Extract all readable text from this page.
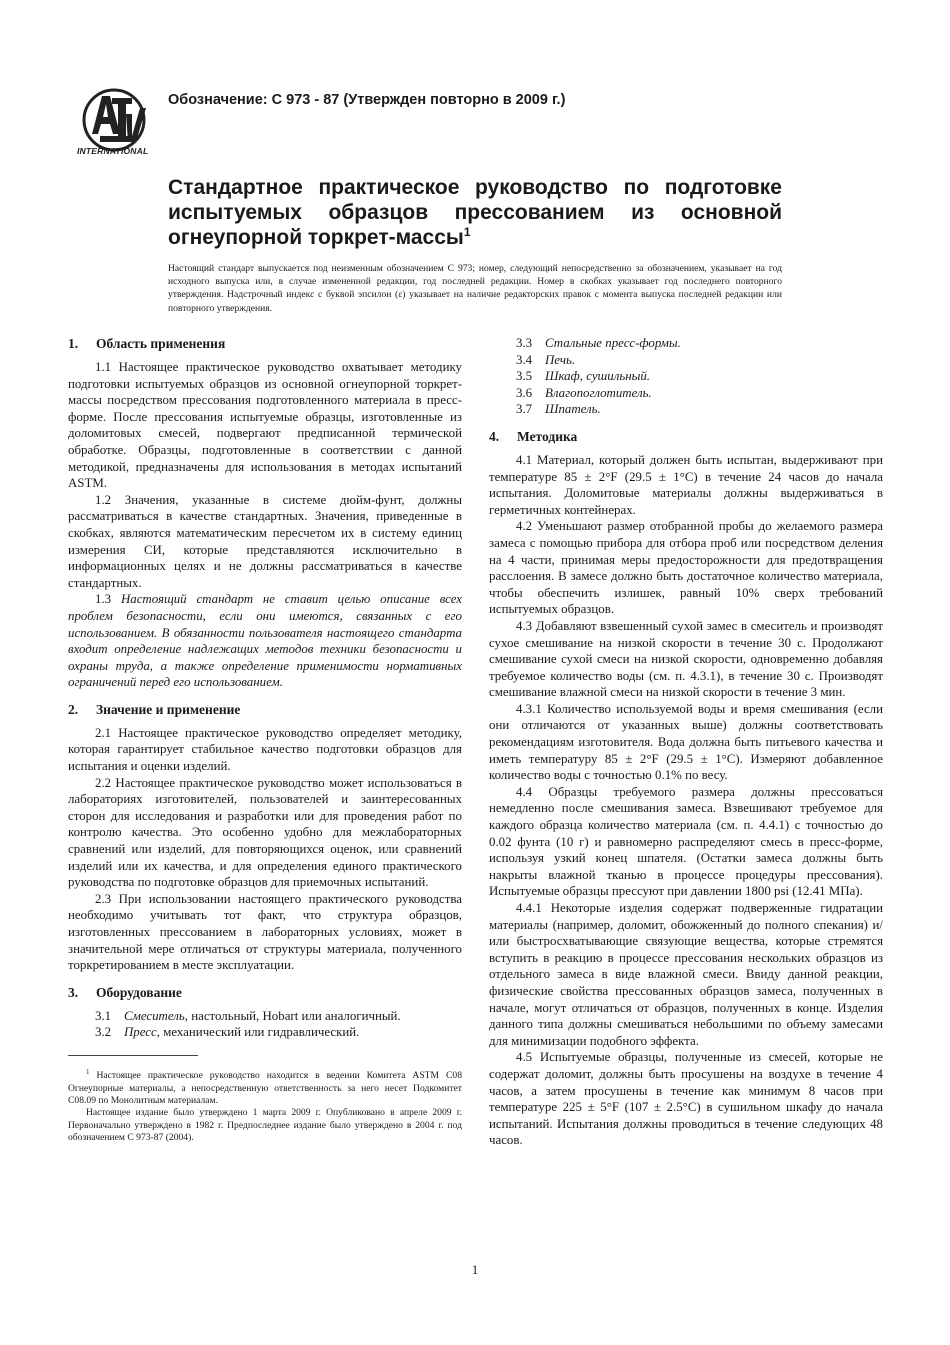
INTERNATIONAL
Обозначение: C 973 - 87 (Утвержден повторно в 2009 г.)
Стандартное практическое руководство по подготовке испытуемых образцов прессованием из основной огнеупорной торкрет-массы$^1$

Настоящий стандарт выпускается под неизменным обозначением C 973; номер, следующий непосредственно за обозначением, указывает на год исходного выпуска или, в случае измененной редакции, год последней редакции. Номер в скобках указывает год последнего повторного утверждения. Надстрочный индекс с буквой эпсилон (ε) указывает на наличие редакторских правок с момента выпуска последней редакции или повторного утверждения.

1. Область применения

1.1 Настоящее практическое руководство охватывает методику подготовки испытуемых образцов из основной огнеупорной торкрет-массы посредством прессования подготовленного материала в пресс-форме. После прессования испытуемые образцы, изготовленные из доломитовых смесей, подвергают предписанной термической обработке. Образцы, подготовленные в соответствии с данной методикой, предназначены для использования в методах испытаний ASTM.

1.2 Значения, указанные в системе дюйм-фунт, должны рассматриваться в качестве стандартных. Значения, приведенные в скобках, являются математическим пересчетом их в систему единиц измерения СИ, которые представляются исключительно в информационных целях и не должны рассматриваться в качестве стандартных.

1.3 Настоящий стандарт не ставит целью описание всех проблем безопасности, если они имеются, связанных с его использованием. В обязанности пользователя настоящего стандарта входит определение надлежащих методов техники безопасности и охраны труда, а также определение применимости нормативных ограничений перед его использованием.

2. Значение и применение

2.1 Настоящее практическое руководство определяет методику, которая гарантирует стабильное качество подготовки образцов для испытания и оценки изделий.

2.2 Настоящее практическое руководство может использоваться в лабораториях изготовителей, пользователей и заинтересованных сторон для исследования и разработки или для проведения работ по контролю качества. Это особенно удобно для межлабораторных сравнений или изделий, для повторяющихся оценок, или сравнений изделий или их качества, и для определения единого практического руководства по подготовке образцов для приемочных испытаний.

2.3 При использовании настоящего практического руководства необходимо учитывать тот факт, что структура образцов, изготовленных прессованием в лабораторных условиях, может в значительной мере отличаться от структуры материала, полученного торкретированием в месте эксплуатации.

3. Оборудование
3.1 Смеситель, настольный, Hobart или аналогичный.
3.2 Пресс, механический или гидравлический.

$^1$ Настоящее практическое руководство находится в ведении Комитета ASTM C08 Огнеупорные материалы, а непосредственную ответственность за него несет Подкомитет C08.09 по Монолитным материалам.

Настоящее издание было утверждено 1 марта 2009 г. Опубликовано в апреле 2009 г. Первоначально утверждено в 1982 г. Предпоследнее издание было утверждено в 2004 г. под обозначением C 973-87 (2004).

3.3 Стальные пресс-формы.
3.4 Печь.
3.5 Шкаф, сушильный.
3.6 Влагопоглотитель.
3.7 Шпатель.
4. Методика

4.1 Материал, который должен быть испытан, выдерживают при температуре 85 ± 2°F (29.5 ± 1°C) в течение 24 часов до начала испытания. Доломитовые материалы должны выдерживаться в герметичных контейнерах.

4.2 Уменьшают размер отобранной пробы до желаемого размера замеса с помощью прибора для отбора проб или посредством деления на 4 части, принимая меры предосторожности для предотвращения расслоения. В замесе должно быть достаточное количество материала, чтобы обеспечить излишек, равный 10% сверх требований испытуемых образцов.

4.3 Добавляют взвешенный сухой замес в смеситель и производят сухое смешивание на низкой скорости в течение 30 с. Продолжают смешивание сухой смеси на низкой скорости, одновременно добавляя требуемое количество воды (см. п. 4.3.1), в течение 30 с. Производят смешивание влажной смеси на низкой скорости в течение 3 мин.

4.3.1 Количество используемой воды и время смешивания (если они отличаются от указанных выше) должны соответствовать рекомендациям изготовителя. Вода должна быть питьевого качества и иметь температуру 85 ± 2°F (29.5 ± 1°C). Измеряют добавленное количество воды с точностью 0.1% по весу.

4.4 Образцы требуемого размера должны прессоваться немедленно после смешивания замеса. Взвешивают требуемое для каждого образца количество материала (см. п. 4.4.1) с точностью до 0.02 фунта (10 г) и равномерно распределяют смесь в пресс-форме, используя узкий конец шпателя. (Остатки замеса должны быть накрыты влажной тканью в процессе процедуры прессования). Испытуемые образцы прессуют при давлении 1800 psi (12.41 МПа).

4.4.1 Некоторые изделия содержат подверженные гидратации материалы (например, доломит, обожженный до полного спекания) и/или быстросхватывающие связующие вещества, которые стремятся вступить в реакцию в процессе прессования нескольких образцов из отдельного замеса в виде влажной смеси. Ввиду данной реакции, физические свойства прессованных образцов замеса, полученных в начале, могут отличаться от образцов, полученных в конце. Изделия данного типа должны смешиваться небольшими по объему замесами для минимизации подобного эффекта.

4.5 Испытуемые образцы, полученные из смесей, которые не содержат доломит, должны быть просушены на воздухе в течение 4 часов, а затем просушены в течение как минимум 8 часов при температуре 225 ± 5°F (107 ± 2.5°C) в сушильном шкафу до начала испытаний. Испытания должны проводиться в течение следующих 48 часов.

1
